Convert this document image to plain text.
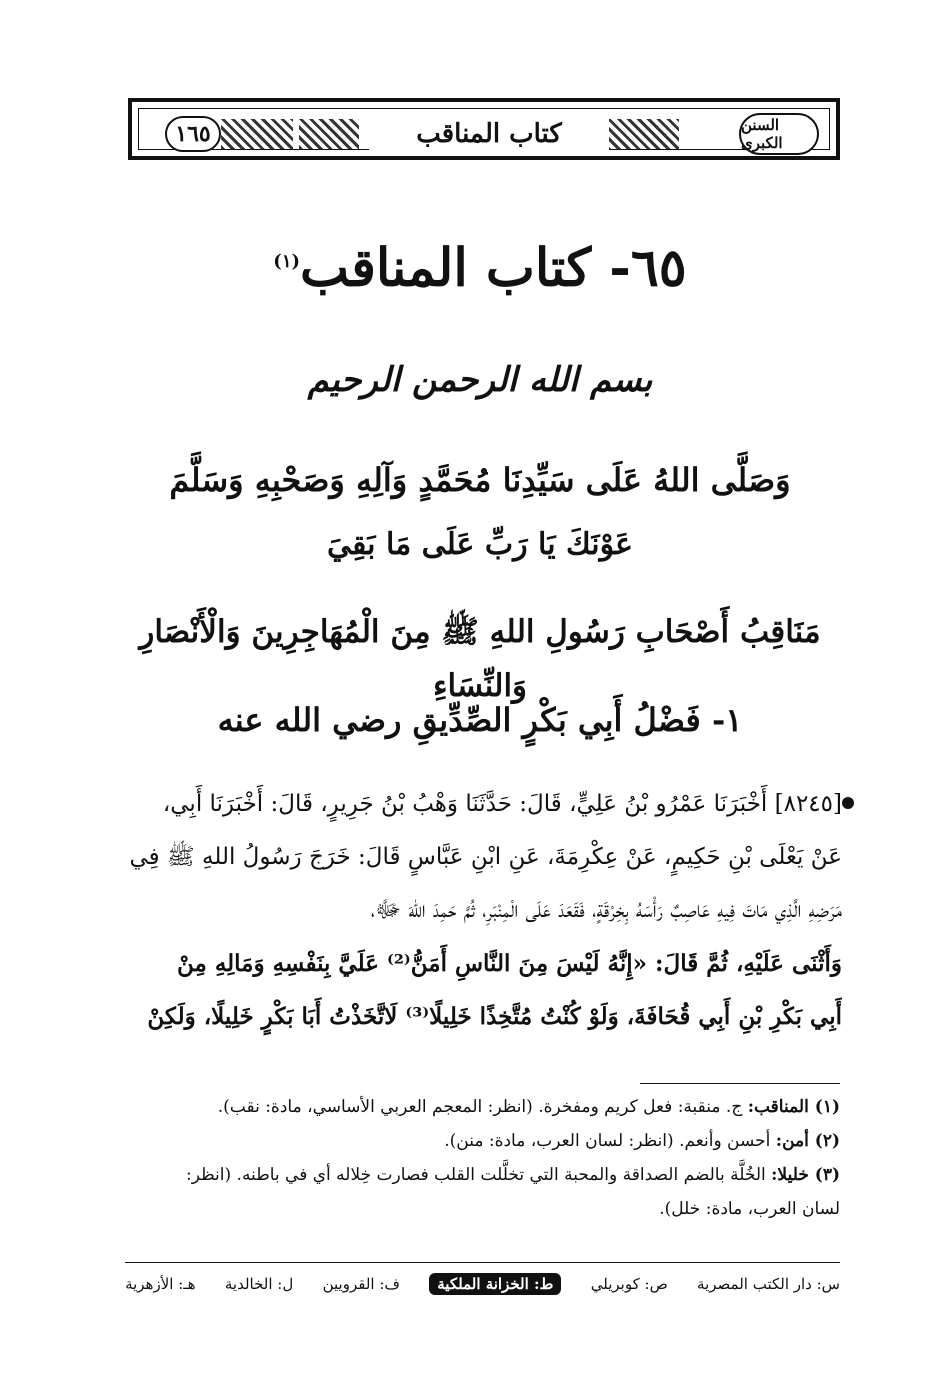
١٦٥	كتاب المناقب	السنن الكبرى
٦٥- كتاب المناقب$^{(١)}$
بسم الله الرحمن الرحيم
وَصَلَّى اللهُ عَلَى سَيِّدِنَا مُحَمَّدٍ وَآلِهِ وَصَحْبِهِ وَسَلَّمَ
عَوْنَكَ يَا رَبِّ عَلَى مَا بَقِيَ
مَنَاقِبُ أَصْحَابِ رَسُولِ اللهِ ﷺ مِنَ الْمُهَاجِرِينَ وَالْأَنْصَارِ وَالنِّسَاءِ
١- فَضْلُ أَبِي بَكْرٍ الصِّدِّيقِ رضي الله عنه
[٨٢٤٥] أَخْبَرَنَا عَمْرُو بْنُ عَلِيٍّ، قَالَ: حَدَّثَنَا وَهْبُ بْنُ جَرِيرٍ، قَالَ: أَخْبَرَنَا أَبِي،
عَنْ يَعْلَى بْنِ حَكِيمٍ، عَنْ عِكْرِمَةَ، عَنِ ابْنِ عَبَّاسٍ قَالَ: خَرَجَ رَسُولُ اللهِ ﷺ فِي
مَرَضِهِ الَّذِي مَاتَ فِيهِ عَاصِبٌ رَأْسَهُ بِخِرْقَةٍ، فَقَعَدَ عَلَى الْمِنْبَرِ، ثُمَّ حَمِدَ اللهَ ﷻ،
وَأَثْنَى عَلَيْهِ، ثُمَّ قَالَ: «إِنَّهُ لَيْسَ مِنَ النَّاسِ أَمَنُّ⁽²⁾ عَلَيَّ بِنَفْسِهِ وَمَالِهِ مِنْ
أَبِي بَكْرِ بْنِ أَبِي قُحَافَةَ، وَلَوْ كُنْتُ مُتَّخِذًا خَلِيلًا⁽³⁾ لَاتَّخَذْتُ أَبَا بَكْرٍ خَلِيلًا، وَلَكِنْ
(١) المناقب: ج. منقبة: فعل كريم ومفخرة. (انظر: المعجم العربي الأساسي، مادة: نقب).
(٢) أمن: أحسن وأنعم. (انظر: لسان العرب، مادة: منن).
(٣) خليلا: الخُلَّة بالضم الصداقة والمحبة التي تخلَّلت القلب فصارت خِلاله أي في باطنه. (انظر:
لسان العرب، مادة: خلل).
س: دار الكتب المصرية
ص: كوبريلي
ط: الخزانة الملكية
ف: القرويين
ل: الخالدية
هـ: الأزهرية
